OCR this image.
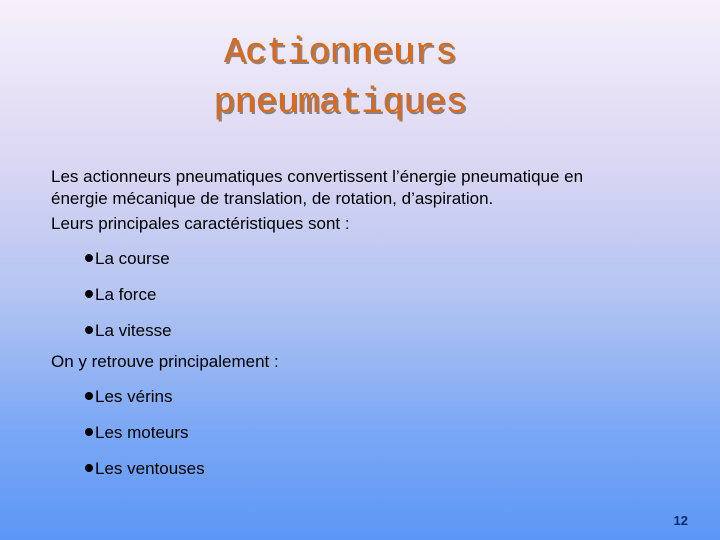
Actionneurs
pneumatiques

Les actionneurs pneumatiques convertissent l’énergie pneumatique en énergie mécanique de translation, de rotation, d’aspiration.

Leurs principales caractéristiques sont :

La course
La force
La vitesse

On y retrouve principalement :

Les vérins
Les moteurs
Les ventouses
12
